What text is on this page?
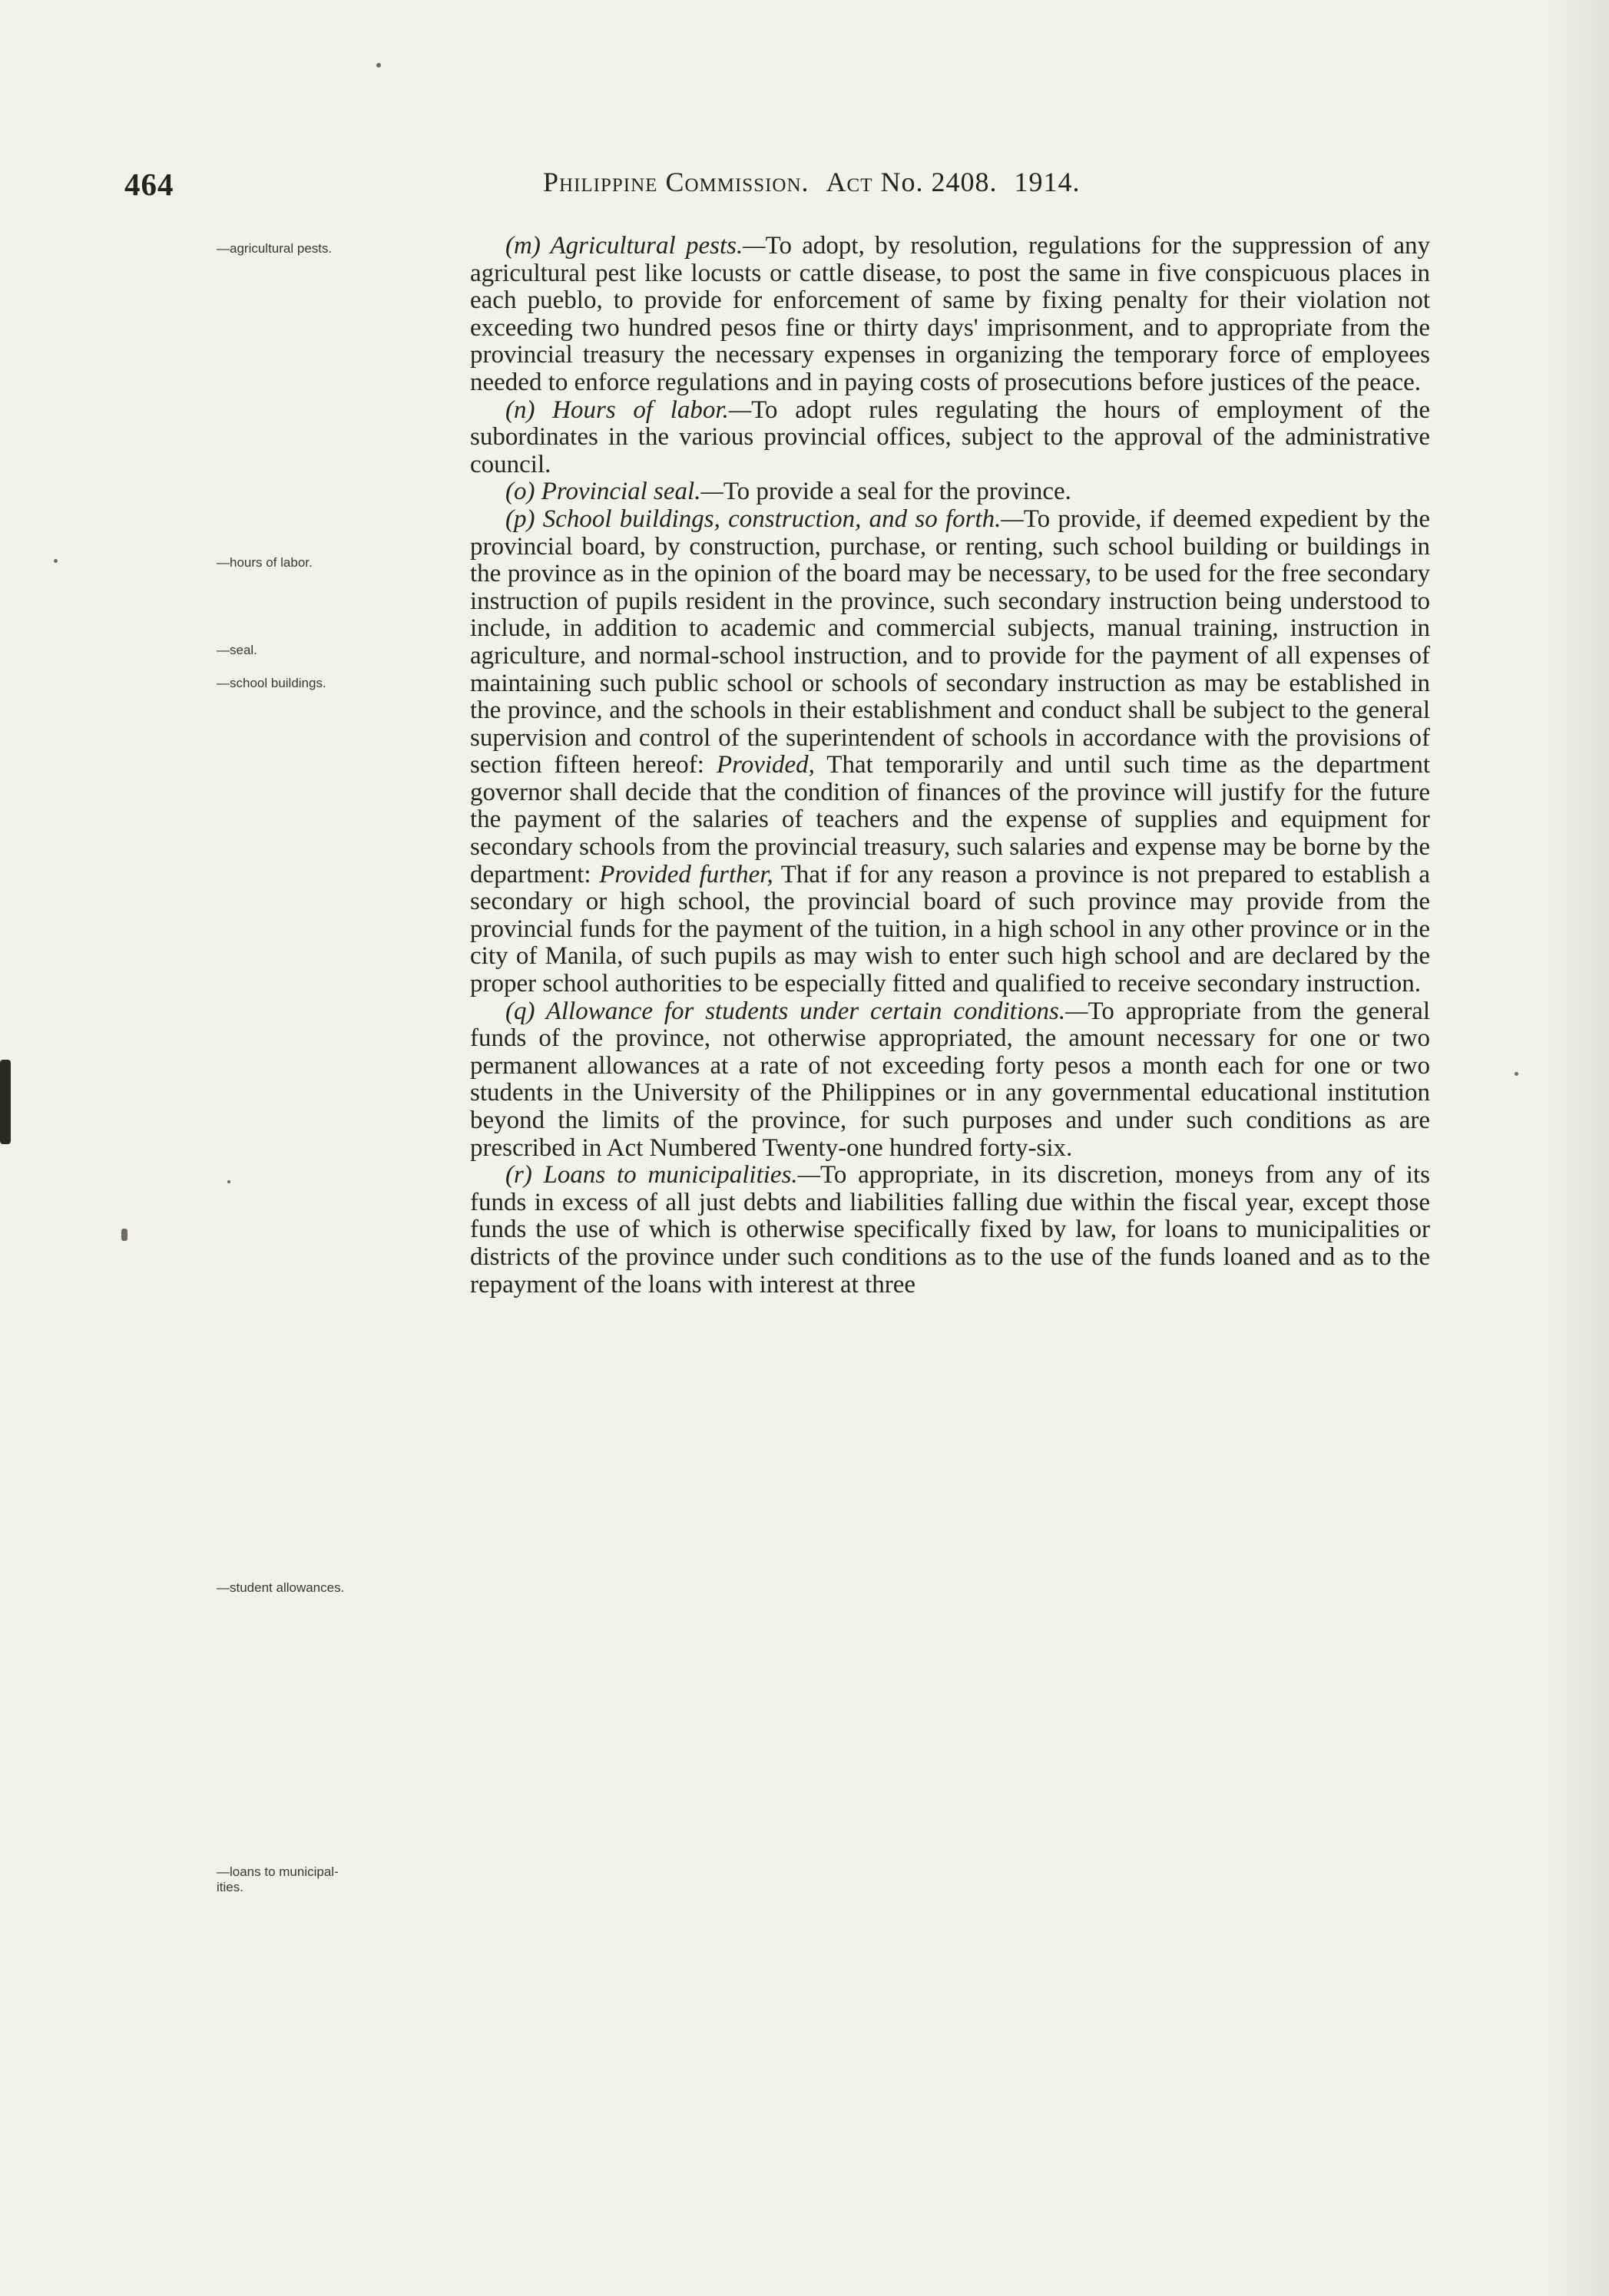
464	Philippine Commission. Act No. 2408. 1914.
—agricultural pests.
—hours of labor.
—seal.
—school buildings.
—student allowances.
—loans to municipal-ities.

(m) Agricultural pests.—To adopt, by resolution, regulations for the suppression of any agricultural pest like locusts or cattle disease, to post the same in five conspicuous places in each pueblo, to provide for enforcement of same by fixing penalty for their violation not exceeding two hundred pesos fine or thirty days' imprisonment, and to appropriate from the provincial treasury the necessary expenses in organizing the temporary force of employees needed to enforce regulations and in paying costs of prosecutions before justices of the peace.

(n) Hours of labor.—To adopt rules regulating the hours of employment of the subordinates in the various provincial offices, subject to the approval of the administrative council.

(o) Provincial seal.—To provide a seal for the province.

(p) School buildings, construction, and so forth.—To provide, if deemed expedient by the provincial board, by construction, purchase, or renting, such school building or buildings in the province as in the opinion of the board may be necessary, to be used for the free secondary instruction of pupils resident in the province, such secondary instruction being understood to include, in addition to academic and commercial subjects, manual training, instruction in agriculture, and normal-school instruction, and to provide for the payment of all expenses of maintaining such public school or schools of secondary instruction as may be established in the province, and the schools in their establishment and conduct shall be subject to the general supervision and control of the superintendent of schools in accordance with the provisions of section fifteen hereof: Provided, That temporarily and until such time as the department governor shall decide that the condition of finances of the province will justify for the future the payment of the salaries of teachers and the expense of supplies and equipment for secondary schools from the provincial treasury, such salaries and expense may be borne by the department: Provided further, That if for any reason a province is not prepared to establish a secondary or high school, the provincial board of such province may provide from the provincial funds for the payment of the tuition, in a high school in any other province or in the city of Manila, of such pupils as may wish to enter such high school and are declared by the proper school authorities to be especially fitted and qualified to receive secondary instruction.

(q) Allowance for students under certain conditions.—To appropriate from the general funds of the province, not otherwise appropriated, the amount necessary for one or two permanent allowances at a rate of not exceeding forty pesos a month each for one or two students in the University of the Philippines or in any governmental educational institution beyond the limits of the province, for such purposes and under such conditions as are prescribed in Act Numbered Twenty-one hundred forty-six.

(r) Loans to municipalities.—To appropriate, in its discretion, moneys from any of its funds in excess of all just debts and liabilities falling due within the fiscal year, except those funds the use of which is otherwise specifically fixed by law, for loans to municipalities or districts of the province under such conditions as to the use of the funds loaned and as to the repayment of the loans with interest at three
